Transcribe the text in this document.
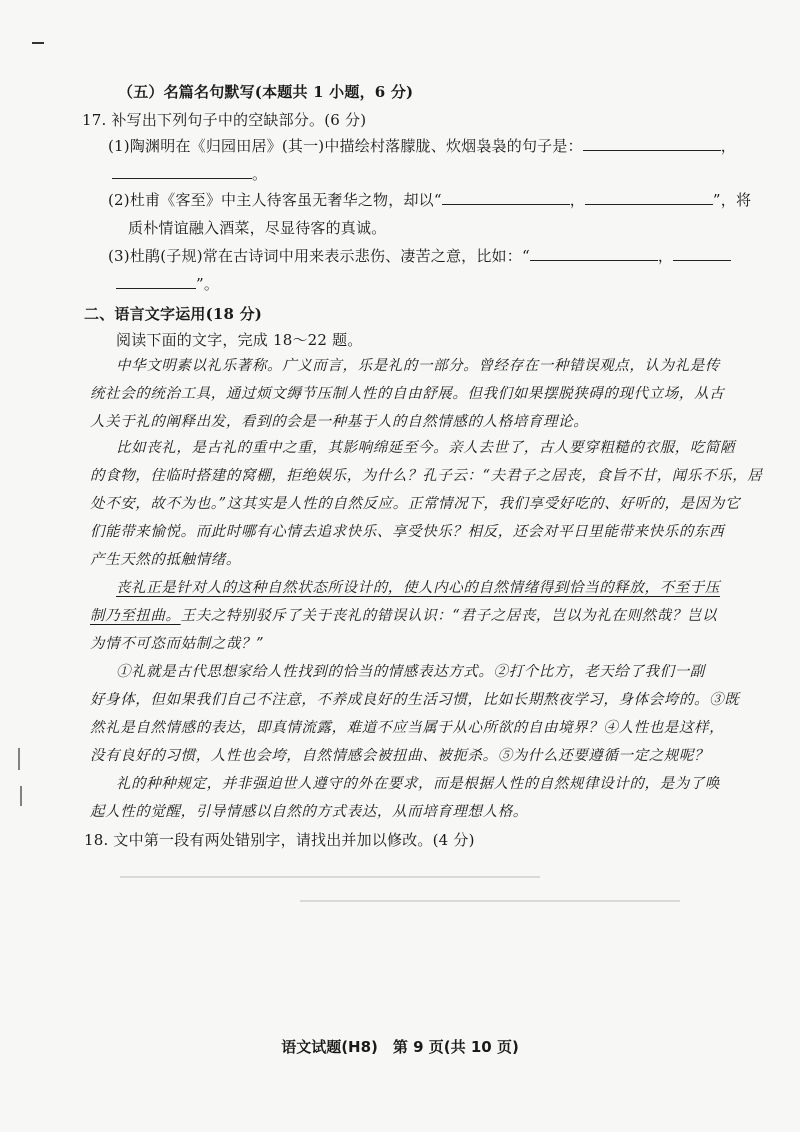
（五）名篇名句默写(本题共 1 小题，6 分)
17. 补写出下列句子中的空缺部分。(6 分)
(1)陶渊明在《归园田居》(其一)中描绘村落朦胧、炊烟袅袅的句子是：	，
。
(2)杜甫《客至》中主人待客虽无奢华之物，却以“	，	”，将
质朴情谊融入酒菜，尽显待客的真诚。
(3)杜鹃(子规)常在古诗词中用来表示悲伤、凄苦之意，比如：“	，
”。
二、语言文字运用(18 分)
阅读下面的文字，完成 18～22 题。
中华文明素以礼乐著称。广义而言，乐是礼的一部分。曾经存在一种错误观点，认为礼是传
统社会的统治工具，通过烦文缛节压制人性的自由舒展。但我们如果摆脱狭碍的现代立场，从古
人关于礼的阐释出发，看到的会是一种基于人的自然情感的人格培育理论。
比如丧礼，是古礼的重中之重，其影响绵延至今。亲人去世了，古人要穿粗糙的衣服，吃简陋
的食物，住临时搭建的窝棚，拒绝娱乐，为什么？孔子云：“夫君子之居丧，食旨不甘，闻乐不乐，居
处不安，故不为也。”这其实是人性的自然反应。正常情况下，我们享受好吃的、好听的，是因为它
们能带来愉悦。而此时哪有心情去追求快乐、享受快乐？相反，还会对平日里能带来快乐的东西
产生天然的抵触情绪。
丧礼正是针对人的这种自然状态所设计的，使人内心的自然情绪得到恰当的释放，不至于压
制乃至扭曲。王夫之特别驳斥了关于丧礼的错误认识：“君子之居丧，岂以为礼在则然哉？岂以
为情不可恣而姑制之哉？”
①礼就是古代思想家给人性找到的恰当的情感表达方式。②打个比方，老天给了我们一副
好身体，但如果我们自己不注意，不养成良好的生活习惯，比如长期熬夜学习，身体会垮的。③既
然礼是自然情感的表达，即真情流露，难道不应当属于从心所欲的自由境界？④人性也是这样，
没有良好的习惯，人性也会垮，自然情感会被扭曲、被扼杀。⑤为什么还要遵循一定之规呢？
礼的种种规定，并非强迫世人遵守的外在要求，而是根据人性的自然规律设计的，是为了唤
起人性的觉醒，引导情感以自然的方式表达，从而培育理想人格。
18. 文中第一段有两处错别字，请找出并加以修改。(4 分)
语文试题(H8)　第 9 页(共 10 页)
